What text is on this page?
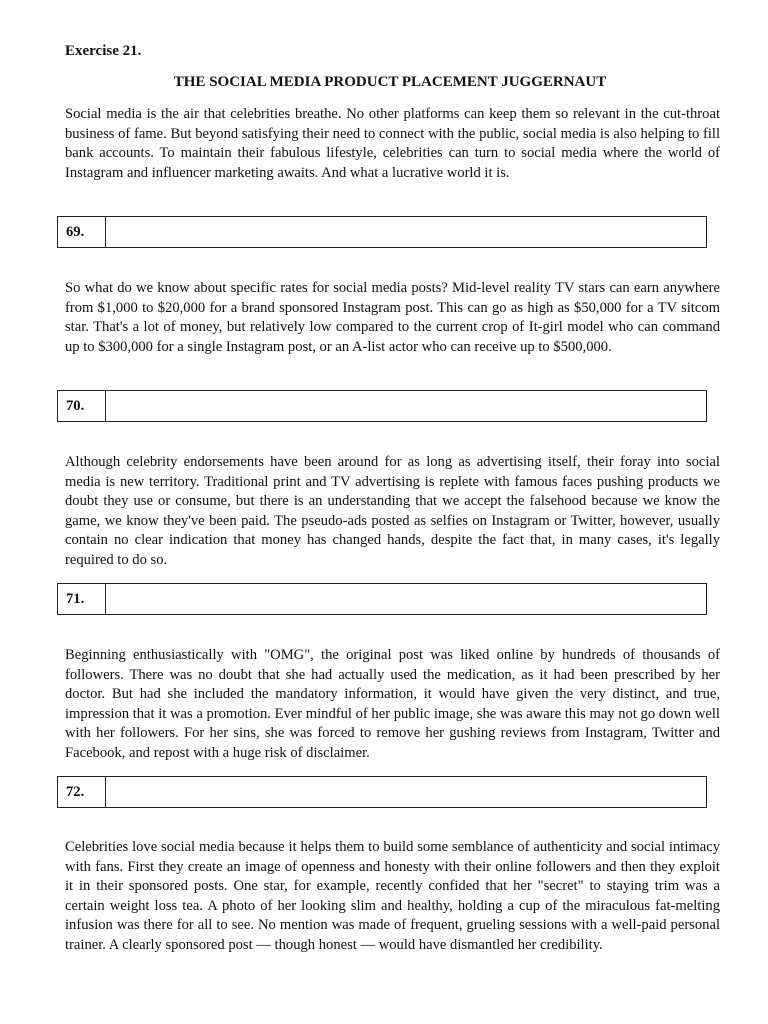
Exercise 21.

THE SOCIAL MEDIA PRODUCT PLACEMENT JUGGERNAUT

Social media is the air that celebrities breathe. No other platforms can keep them so relevant in the cut-throat business of fame. But beyond satisfying their need to connect with the public, social media is also helping to fill bank accounts. To maintain their fabulous lifestyle, celebrities can turn to social media where the world of Instagram and influencer marketing awaits. And what a lucrative world it is.

69.

So what do we know about specific rates for social media posts? Mid-level reality TV stars can earn anywhere from $1,000 to $20,000 for a brand sponsored Instagram post. This can go as high as $50,000 for a TV sitcom star. That's a lot of money, but relatively low compared to the current crop of It-girl model who can command up to $300,000 for a single Instagram post, or an A-list actor who can receive up to $500,000.

70.

Although celebrity endorsements have been around for as long as advertising itself, their foray into social media is new territory. Traditional print and TV advertising is replete with famous faces pushing products we doubt they use or consume, but there is an understanding that we accept the falsehood because we know the game, we know they've been paid. The pseudo-ads posted as selfies on Instagram or Twitter, however, usually contain no clear indication that money has changed hands, despite the fact that, in many cases, it's legally required to do so.

71.

Beginning enthusiastically with "OMG", the original post was liked online by hundreds of thousands of followers. There was no doubt that she had actually used the medication, as it had been prescribed by her doctor. But had she included the mandatory information, it would have given the very distinct, and true, impression that it was a promotion. Ever mindful of her public image, she was aware this may not go down well with her followers. For her sins, she was forced to remove her gushing reviews from Instagram, Twitter and Facebook, and repost with a huge risk of disclaimer.

72.

Celebrities love social media because it helps them to build some semblance of authenticity and social intimacy with fans. First they create an image of openness and honesty with their online followers and then they exploit it in their sponsored posts. One star, for example, recently confided that her "secret" to staying trim was a certain weight loss tea. A photo of her looking slim and healthy, holding a cup of the miraculous fat-melting infusion was there for all to see. No mention was made of frequent, grueling sessions with a well-paid personal trainer. A clearly sponsored post — though honest — would have dismantled her credibility.
